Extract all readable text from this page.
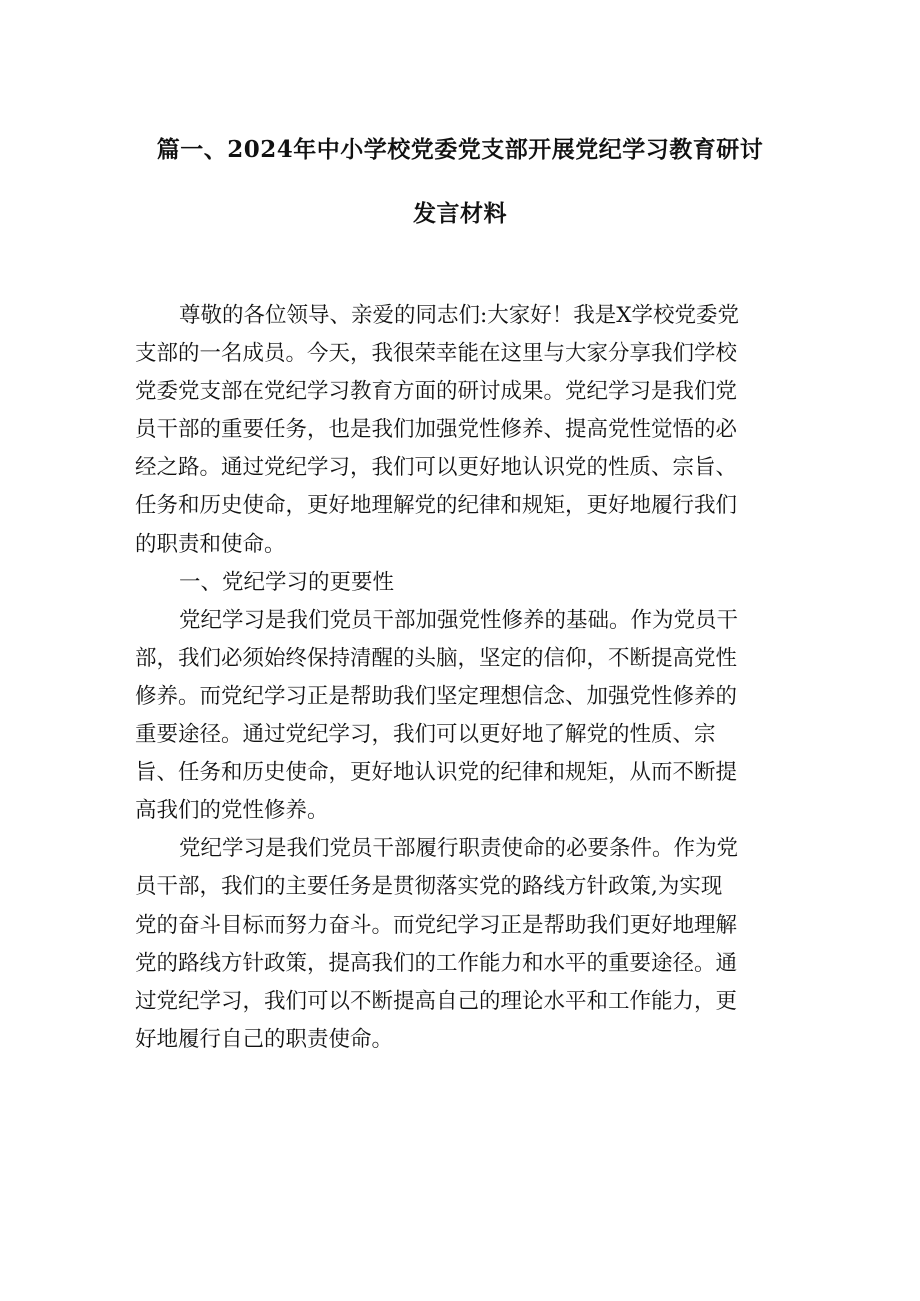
篇一、2024年中小学校党委党支部开展党纪学习教育研讨
发言材料
尊敬的各位领导、亲爱的同志们:大家好！我是X学校党委党
支部的一名成员。今天，我很荣幸能在这里与大家分享我们学校
党委党支部在党纪学习教育方面的研讨成果。党纪学习是我们党
员干部的重要任务，也是我们加强党性修养、提高党性觉悟的必
经之路。通过党纪学习，我们可以更好地认识党的性质、宗旨、
任务和历史使命，更好地理解党的纪律和规矩，更好地履行我们
的职责和使命。
一、党纪学习的更要性
党纪学习是我们党员干部加强党性修养的基础。作为党员干
部，我们必须始终保持清醒的头脑，坚定的信仰，不断提高党性
修养。而党纪学习正是帮助我们坚定理想信念、加强党性修养的
重要途径。通过党纪学习，我们可以更好地了解党的性质、宗
旨、任务和历史使命，更好地认识党的纪律和规矩，从而不断提
高我们的党性修养。
党纪学习是我们党员干部履行职责使命的必要条件。作为党
员干部，我们的主要任务是贯彻落实党的路线方针政策,为实现
党的奋斗目标而努力奋斗。而党纪学习正是帮助我们更好地理解
党的路线方针政策，提高我们的工作能力和水平的重要途径。通
过党纪学习，我们可以不断提高自己的理论水平和工作能力，更
好地履行自己的职责使命。
